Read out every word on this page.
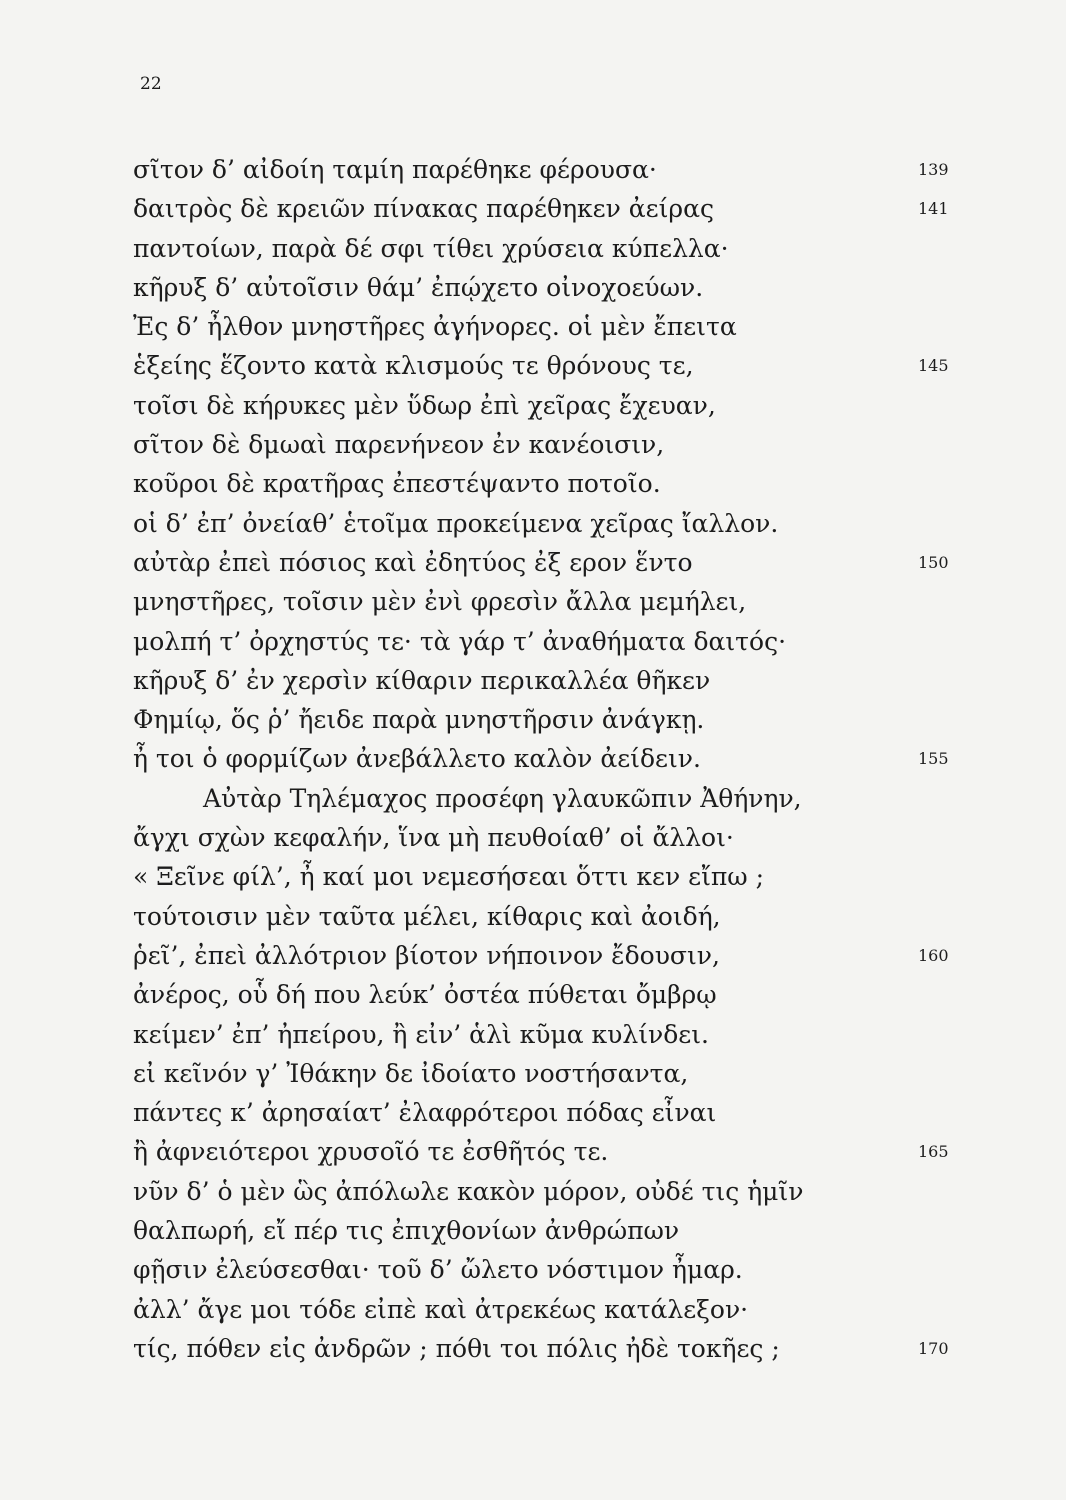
22
σῖτον δ’ αἰδοίη ταμίη παρέθηκε φέρουσα·	139
δαιτρὸς δὲ κρειῶν πίνακας παρέθηκεν ἀείρας	141
παντοίων, παρὰ δέ σφι τίθει χρύσεια κύπελλα·
κῆρυξ δ’ αὐτοῖσιν θάμ’ ἐπῴχετο οἰνοχοεύων.
Ἐς δ’ ἦλθον μνηστῆρες ἀγήνορες. οἱ μὲν ἔπειτα
ἑξείης ἕζοντο κατὰ κλισμούς τε θρόνους τε,	145
τοῖσι δὲ κήρυκες μὲν ὕδωρ ἐπὶ χεῖρας ἔχευαν,
σῖτον δὲ δμωαὶ παρενήνεον ἐν κανέοισιν,
κοῦροι δὲ κρατῆρας ἐπεστέψαντο ποτοῖο.
οἱ δ’ ἐπ’ ὀνείαθ’ ἑτοῖμα προκείμενα χεῖρας ἴαλλον.
αὐτὰρ ἐπεὶ πόσιος καὶ ἐδητύος ἐξ ερον ἕντο	150
μνηστῆρες, τοῖσιν μὲν ἐνὶ φρεσὶν ἄλλα μεμήλει,
μολπή τ’ ὀρχηστύς τε· τὰ γάρ τ’ ἀναθήματα δαιτός·
κῆρυξ δ’ ἐν χερσὶν κίθαριν περικαλλέα θῆκεν
Φημίῳ, ὅς ῥ’ ἤειδε παρὰ μνηστῆρσιν ἀνάγκῃ.
ἦ τοι ὁ φορμίζων ἀνεβάλλετο καλὸν ἀείδειν.	155
Αὐτὰρ Τηλέμαχος προσέφη γλαυκῶπιν Ἀθήνην,
ἄγχι σχὼν κεφαλήν, ἵνα μὴ πευθοίαθ’ οἱ ἄλλοι·
« Ξεῖνε φίλ’, ἦ καί μοι νεμεσήσεαι ὅττι κεν εἴπω ;
τούτοισιν μὲν ταῦτα μέλει, κίθαρις καὶ ἀοιδή,
ῥεῖ’, ἐπεὶ ἀλλότριον βίοτον νήποινον ἔδουσιν,	160
ἀνέρος, οὗ δή που λεύκ’ ὀστέα πύθεται ὄμβρῳ
κείμεν’ ἐπ’ ἠπείρου, ἢ εἰν’ ἁλὶ κῦμα κυλίνδει.
εἰ κεῖνόν γ’ Ἰθάκην δε ἰδοίατο νοστήσαντα,
πάντες κ’ ἀρησαίατ’ ἐλαφρότεροι πόδας εἶναι
ἢ ἀφνειότεροι χρυσοῖό τε ἐσθῆτός τε.	165
νῦν δ’ ὁ μὲν ὣς ἀπόλωλε κακὸν μόρον, οὐδέ τις ἡμῖν
θαλπωρή, εἴ πέρ τις ἐπιχθονίων ἀνθρώπων
φῇσιν ἐλεύσεσθαι· τοῦ δ’ ὤλετο νόστιμον ἦμαρ.
ἀλλ’ ἄγε μοι τόδε εἰπὲ καὶ ἀτρεκέως κατάλεξον·
τίς, πόθεν εἰς ἀνδρῶν ; πόθι τοι πόλις ἠδὲ τοκῆες ;	170
